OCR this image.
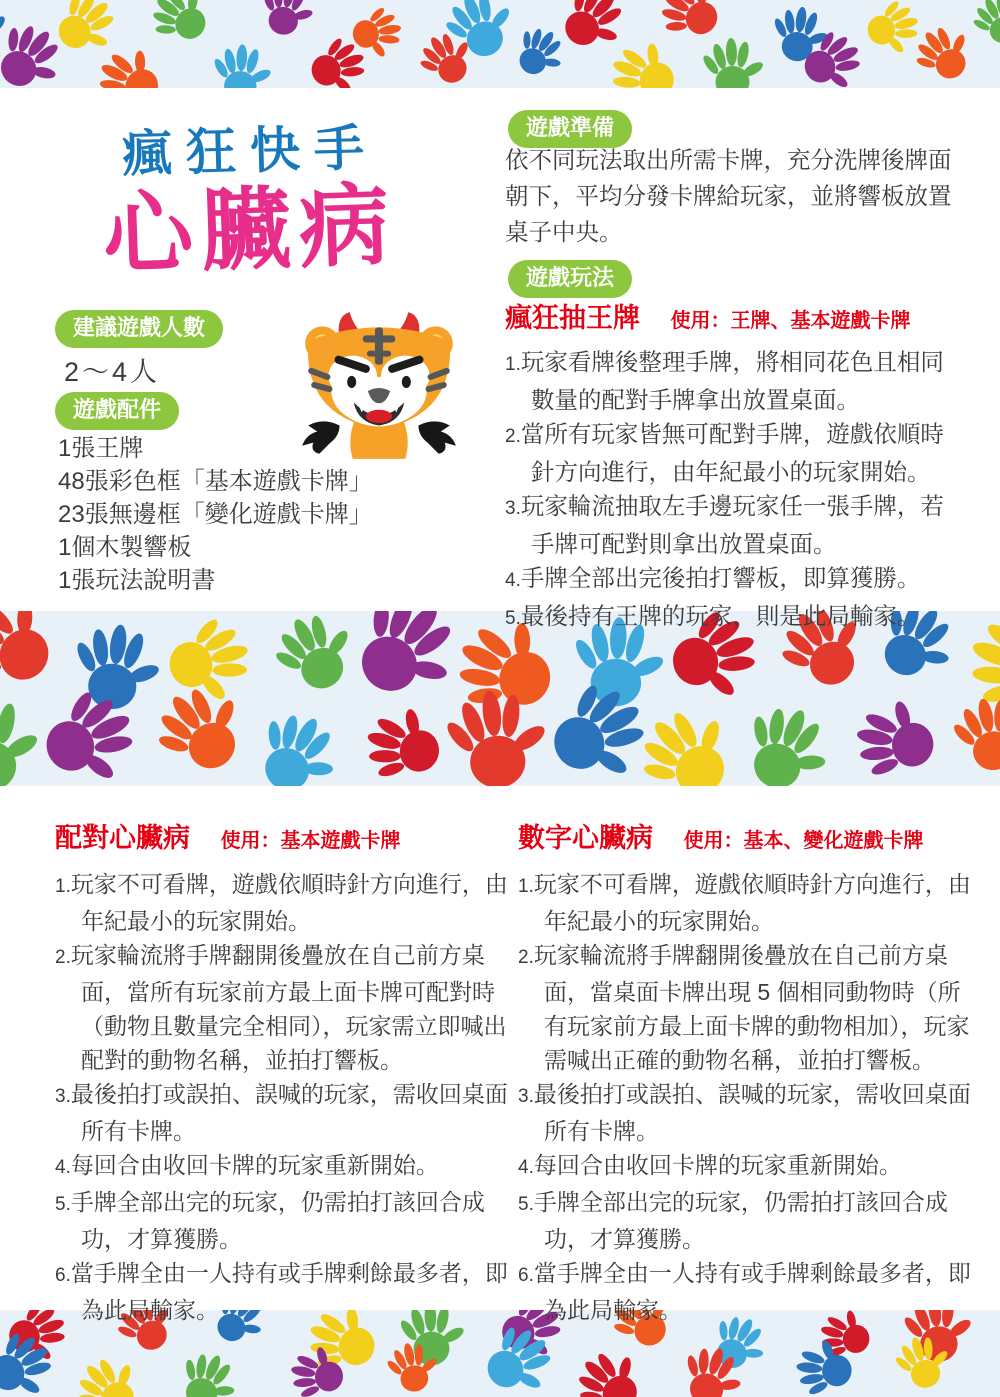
瘋狂快手
心臟病
建議遊戲人數
2～4人
遊戲配件
1張王牌
48張彩色框「基本遊戲卡牌」
23張無邊框「變化遊戲卡牌」
1個木製響板
1張玩法說明書
遊戲準備

依不同玩法取出所需卡牌，充分洗牌後牌面朝下，平均分發卡牌給玩家，並將響板放置桌子中央。

遊戲玩法
瘋狂抽王牌 使用：王牌、基本遊戲卡牌
玩家看牌後整理手牌，將相同花色且相同數量的配對手牌拿出放置桌面。
當所有玩家皆無可配對手牌，遊戲依順時針方向進行，由年紀最小的玩家開始。
玩家輪流抽取左手邊玩家任一張手牌，若手牌可配對則拿出放置桌面。
手牌全部出完後拍打響板，即算獲勝。
最後持有王牌的玩家，則是此局輸家。
配對心臟病 使用：基本遊戲卡牌
玩家不可看牌，遊戲依順時針方向進行，由年紀最小的玩家開始。
玩家輪流將手牌翻開後疊放在自己前方桌面，當所有玩家前方最上面卡牌可配對時（動物且數量完全相同），玩家需立即喊出配對的動物名稱，並拍打響板。
最後拍打或誤拍、誤喊的玩家，需收回桌面所有卡牌。
每回合由收回卡牌的玩家重新開始。
手牌全部出完的玩家，仍需拍打該回合成功，才算獲勝。
當手牌全由一人持有或手牌剩餘最多者，即為此局輸家。
數字心臟病 使用：基本、變化遊戲卡牌
玩家不可看牌，遊戲依順時針方向進行，由年紀最小的玩家開始。
玩家輪流將手牌翻開後疊放在自己前方桌面，當桌面卡牌出現 5 個相同動物時（所有玩家前方最上面卡牌的動物相加），玩家需喊出正確的動物名稱，並拍打響板。
最後拍打或誤拍、誤喊的玩家，需收回桌面所有卡牌。
每回合由收回卡牌的玩家重新開始。
手牌全部出完的玩家，仍需拍打該回合成功，才算獲勝。
當手牌全由一人持有或手牌剩餘最多者，即為此局輸家。
